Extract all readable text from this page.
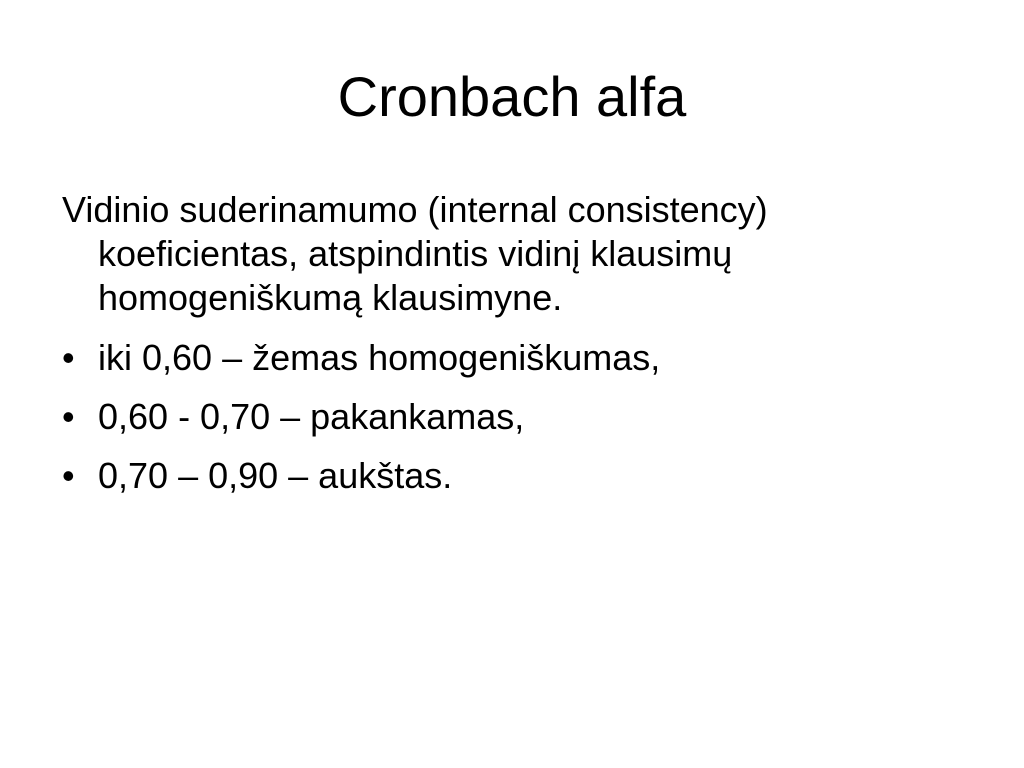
Cronbach alfa

Vidinio suderinamumo (internal consistency) koeficientas, atspindintis vidinį klausimų homogeniškumą klausimyne.

• iki 0,60 – žemas homogeniškumas,
• 0,60 - 0,70 – pakankamas,
• 0,70 – 0,90 – aukštas.
